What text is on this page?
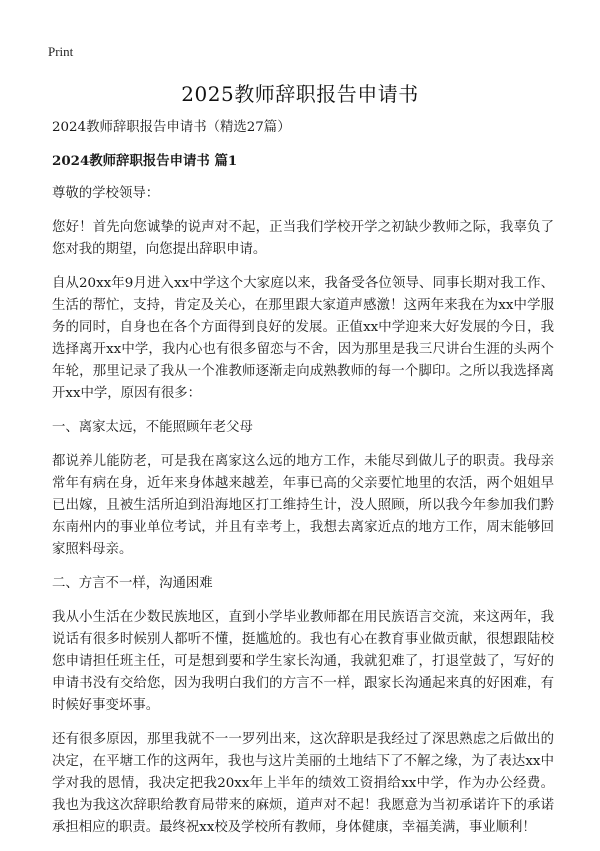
Print
2025教师辞职报告申请书

2024教师辞职报告申请书（精选27篇）

2024教师辞职报告申请书 篇1

尊敬的学校领导：

您好！首先向您诚挚的说声对不起，正当我们学校开学之初缺少教师之际，我辜负了您对我的期望，向您提出辞职申请。

自从20xx年9月进入xx中学这个大家庭以来，我备受各位领导、同事长期对我工作、生活的帮忙，支持，肯定及关心，在那里跟大家道声感激！这两年来我在为xx中学服务的同时，自身也在各个方面得到良好的发展。正值xx中学迎来大好发展的今日，我选择离开xx中学，我内心也有很多留恋与不舍，因为那里是我三尺讲台生涯的头两个年轮，那里记录了我从一个准教师逐渐走向成熟教师的每一个脚印。之所以我选择离开xx中学，原因有很多：

一、离家太远，不能照顾年老父母

都说养儿能防老，可是我在离家这么远的地方工作，未能尽到做儿子的职责。我母亲常年有病在身，近年来身体越来越差，年事已高的父亲要忙地里的农活，两个姐姐早已出嫁，且被生活所迫到沿海地区打工维持生计，没人照顾，所以我今年参加我们黔东南州内的事业单位考试，并且有幸考上，我想去离家近点的地方工作，周末能够回家照料母亲。

二、方言不一样，沟通困难

我从小生活在少数民族地区，直到小学毕业教师都在用民族语言交流，来这两年，我说话有很多时候别人都听不懂，挺尴尬的。我也有心在教育事业做贡献，很想跟陆校您申请担任班主任，可是想到要和学生家长沟通，我就犯难了，打退堂鼓了，写好的申请书没有交给您，因为我明白我们的方言不一样，跟家长沟通起来真的好困难，有时候好事变坏事。

还有很多原因，那里我就不一一罗列出来，这次辞职是我经过了深思熟虑之后做出的决定，在平塘工作的这两年，我也与这片美丽的土地结下了不解之缘，为了表达xx中学对我的恩情，我决定把我20xx年上半年的绩效工资捐给xx中学，作为办公经费。我也为我这次辞职给教育局带来的麻烦，道声对不起！我愿意为当初承诺许下的承诺承担相应的职责。最终祝xx校及学校所有教师，身体健康，幸福美满，事业顺利！
